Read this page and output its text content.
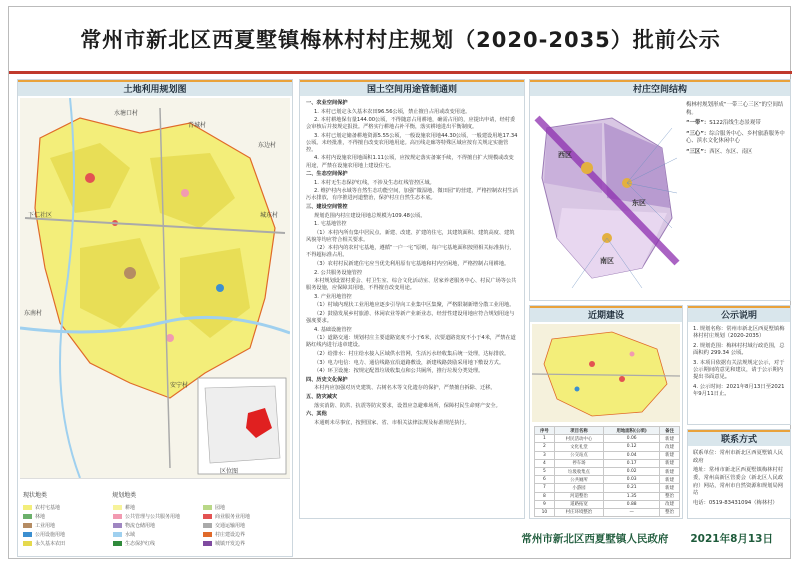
常州市新北区西夏墅镇梅林村村庄规划（2020-2035）批前公示
土地利用规划图
水塘口村
青城村
东边村
城东村
东南村
安宁村
下仁社区
区位图
现状地类	规划地类
农村宅基地	耕地	园地
林地	公共管理与公共服务用地	商业服务业用地
工业用地	物流仓储用地	交通运输用地
公用设施用地	水域	村庄建设边界
永久基本农田	生态保护红线	城镇开发边界
国土空间用途管制通则

一、农业空间保护

1. 本村已划定永久基本农田96.56公顷，禁止擅自占用或改变用途。

2. 本村耕地保有量144.00公顷，不得随意占用耕地，确需占用的，应提出申请，经村委会审核后并按规定报批。严格实行耕地占补平衡，落实耕地进出平衡制度。

3. 本村已划定储备耕地资源5.55公顷，一般设施农用地44.30公顷，一般建设用地17.34公顷。未经批准，不得擅自改变农用地用途。高压线走廊等特殊区域应按有关规定实施管控。

4. 本村内设施农用地面积1.11公顷，应按规定落实备案手续，不得擅自扩大规模或改变用途，严禁在设施农用地上建设住宅。

二、生态空间保护

1. 本村无生态保护红线，不涉及生态红线管控区域。

2. 维护村内水域等自然生态功能空间，加强“微湿地、微田园”的营建，严格控制农村生活污水排放，有序推进河道整治，保护村庄自然生态本底。

三、建设空间管控

规划范围内村庄建设用地总规模为109.48公顷。

1. 宅基地管控

（1）本村内所有集中居民点、新建、改建、扩建的住宅，其建筑面积、建筑高度、建筑风貌等均应符合相关要求。

（2）本村内的农村宅基地，遵循“一户一宅”原则，每户宅基地面积按照相关标准执行，不得超标准占用。

（3）农村村民新建住宅应当优先利用原有宅基地和村内空闲地，严格控制占用耕地。

2. 公共服务设施管控

本村规划设置村委会、村卫生室、综合文化活动室、居家养老服务中心、村民广场等公共服务设施，应保障其用地，不得擅自改变用途。

3. 产业用地管控

（1）村域内现状工业用地应逐步引导向工业集中区集聚，严格限制新增分散工业用地。

（2）鼓励发展乡村旅游、休闲农业等新产业新业态，经营性建设用地应符合规划用途与强度要求。

4. 基础设施管控

（1）道路交通：规划村庄主要道路宽度不小于6米，次要道路宽度不小于4米，严禁在道路红线内进行违章建设。

（2）给排水：村庄给水接入区域供水管网，生活污水经收集后统一处理，达标排放。

（3）电力电信：电力、通信线路宜沿道路敷设，新建线路鼓励采用地下敷设方式。

（4）环卫设施：按规定配置垃圾收集点和公共厕所，推行垃圾分类处理。

四、历史文化保护

本村内应加强对历史建筑、古树名木等文化遗存的保护，严禁擅自拆除、迁移。

五、防灾减灾

落实消防、防洪、抗震等防灾要求，设置应急避难场所，保障村民生命财产安全。

六、其他

本通则未尽事宜，按照国家、省、市相关法律法规及标准规范执行。

村庄空间结构
西区
东区
南区
梅林村规划形成“一带三心三区”的空间结构。
“一带”：S122沿线生态景观带
“三心”：综合服务中心、乡村旅游服务中心、滨水文化休闲中心
“三区”：西区、东区、南区
近期建设
序号	项目名称	用地面积(公顷)	备注
1	村民活动中心	0.06	新建
2	文化礼堂	0.12	改建
3	公交站点	0.04	新建
4	停车场	0.17	新建
5	垃圾收集点	0.02	新建
6	公共厕所	0.03	新建
7	小游园	0.21	新建
8	河道整治	1.35	整治
9	道路拓宽	0.88	改建
10	村庄环境整治	—	整治
公示说明

1. 规划名称：常州市新北区西夏墅镇梅林村村庄规划（2020-2035）

2. 规划范围：梅林村村域行政范围，总面积约 299.34 公顷。

3. 本项目依据有关法规规定公示，对于公示期间的意见和建议，请于公示期内提出书面意见。

4. 公示时间：2021年8月13日至2021年9月11日止。

联系方式

联系单位：常州市新北区西夏墅镇人民政府

地址：常州市新北区西夏墅镇梅林村村委，常州高新区管委会（新北区人民政府）网站，常州市自然资源和规划局网站

电话：0519-83431094（梅林村）

常州市新北区西夏墅镇人民政府 2021年8月13日
